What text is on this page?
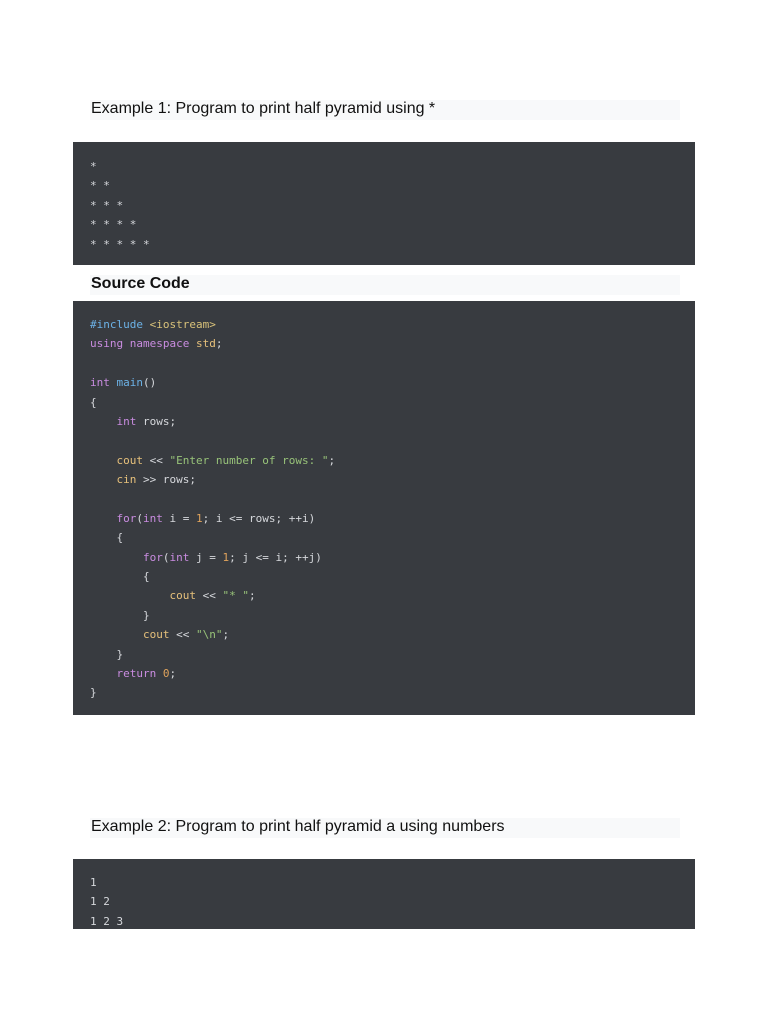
Example 1: Program to print half pyramid using *
*
* *
* * *
* * * *
* * * * *
Source Code
#include <iostream>
using namespace std;
int main()
{
int rows;
cout << "Enter number of rows: ";
cin >> rows;
for(int i = 1; i <= rows; ++i)
{
for(int j = 1; j <= i; ++j)
{
cout << "* ";
}
cout << "\n";
}
return 0;
}
Example 2: Program to print half pyramid a using numbers
1
1 2
1 2 3
